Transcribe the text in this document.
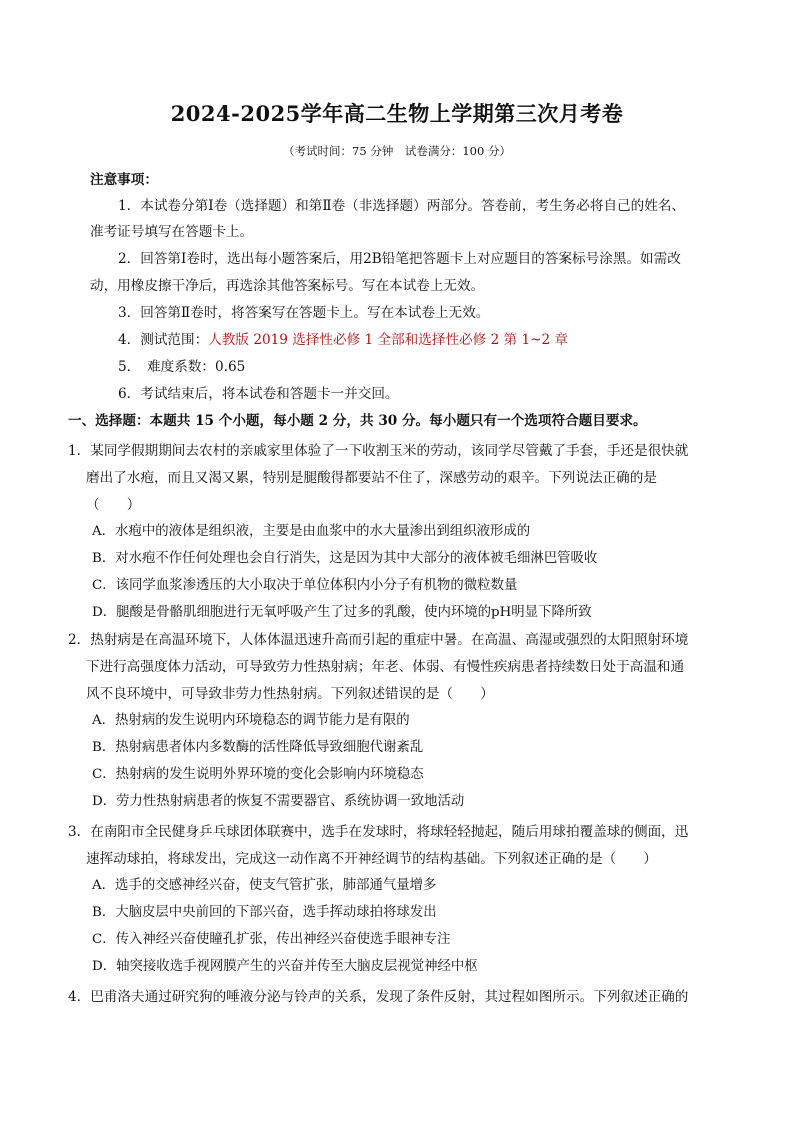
2024-2025学年高二生物上学期第三次月考卷
（考试时间：75 分钟　试卷满分：100 分）
注意事项：
1．本试卷分第Ⅰ卷（选择题）和第Ⅱ卷（非选择题）两部分。答卷前，考生务必将自己的姓名、
准考证号填写在答题卡上。
2．回答第Ⅰ卷时，选出每小题答案后，用2B铅笔把答题卡上对应题目的答案标号涂黑。如需改
动，用橡皮擦干净后，再选涂其他答案标号。写在本试卷上无效。
3．回答第Ⅱ卷时，将答案写在答题卡上。写在本试卷上无效。
4．测试范围：人教版 2019 选择性必修 1 全部和选择性必修 2 第 1~2 章
5．　难度系数：0.65
6．考试结束后，将本试卷和答题卡一并交回。
一、选择题：本题共 15 个小题，每小题 2 分，共 30 分。每小题只有一个选项符合题目要求。
1．某同学假期期间去农村的亲戚家里体验了一下收割玉米的劳动，该同学尽管戴了手套，手还是很快就
磨出了水疱，而且又渴又累，特别是腿酸得都要站不住了，深感劳动的艰辛。下列说法正确的是
（　　）
A．水疱中的液体是组织液，主要是由血浆中的水大量渗出到组织液形成的
B．对水疱不作任何处理也会自行消失，这是因为其中大部分的液体被毛细淋巴管吸收
C．该同学血浆渗透压的大小取决于单位体积内小分子有机物的微粒数量
D．腿酸是骨骼肌细胞进行无氧呼吸产生了过多的乳酸，使内环境的pH明显下降所致
2．热射病是在高温环境下，人体体温迅速升高而引起的重症中暑。在高温、高湿或强烈的太阳照射环境
下进行高强度体力活动，可导致劳力性热射病；年老、体弱、有慢性疾病患者持续数日处于高温和通
风不良环境中，可导致非劳力性热射病。下列叙述错误的是（　　）
A．热射病的发生说明内环境稳态的调节能力是有限的
B．热射病患者体内多数酶的活性降低导致细胞代谢紊乱
C．热射病的发生说明外界环境的变化会影响内环境稳态
D．劳力性热射病患者的恢复不需要器官、系统协调一致地活动
3．在南阳市全民健身乒乓球团体联赛中，选手在发球时，将球轻轻抛起，随后用球拍覆盖球的侧面，迅
速挥动球拍，将球发出，完成这一动作离不开神经调节的结构基础。下列叙述正确的是（　　）
A．选手的交感神经兴奋，使支气管扩张，肺部通气量增多
B．大脑皮层中央前回的下部兴奋，选手挥动球拍将球发出
C．传入神经兴奋使瞳孔扩张，传出神经兴奋使选手眼神专注
D．轴突接收选手视网膜产生的兴奋并传至大脑皮层视觉神经中枢
4．巴甫洛夫通过研究狗的唾液分泌与铃声的关系，发现了条件反射，其过程如图所示。下列叙述正确的
